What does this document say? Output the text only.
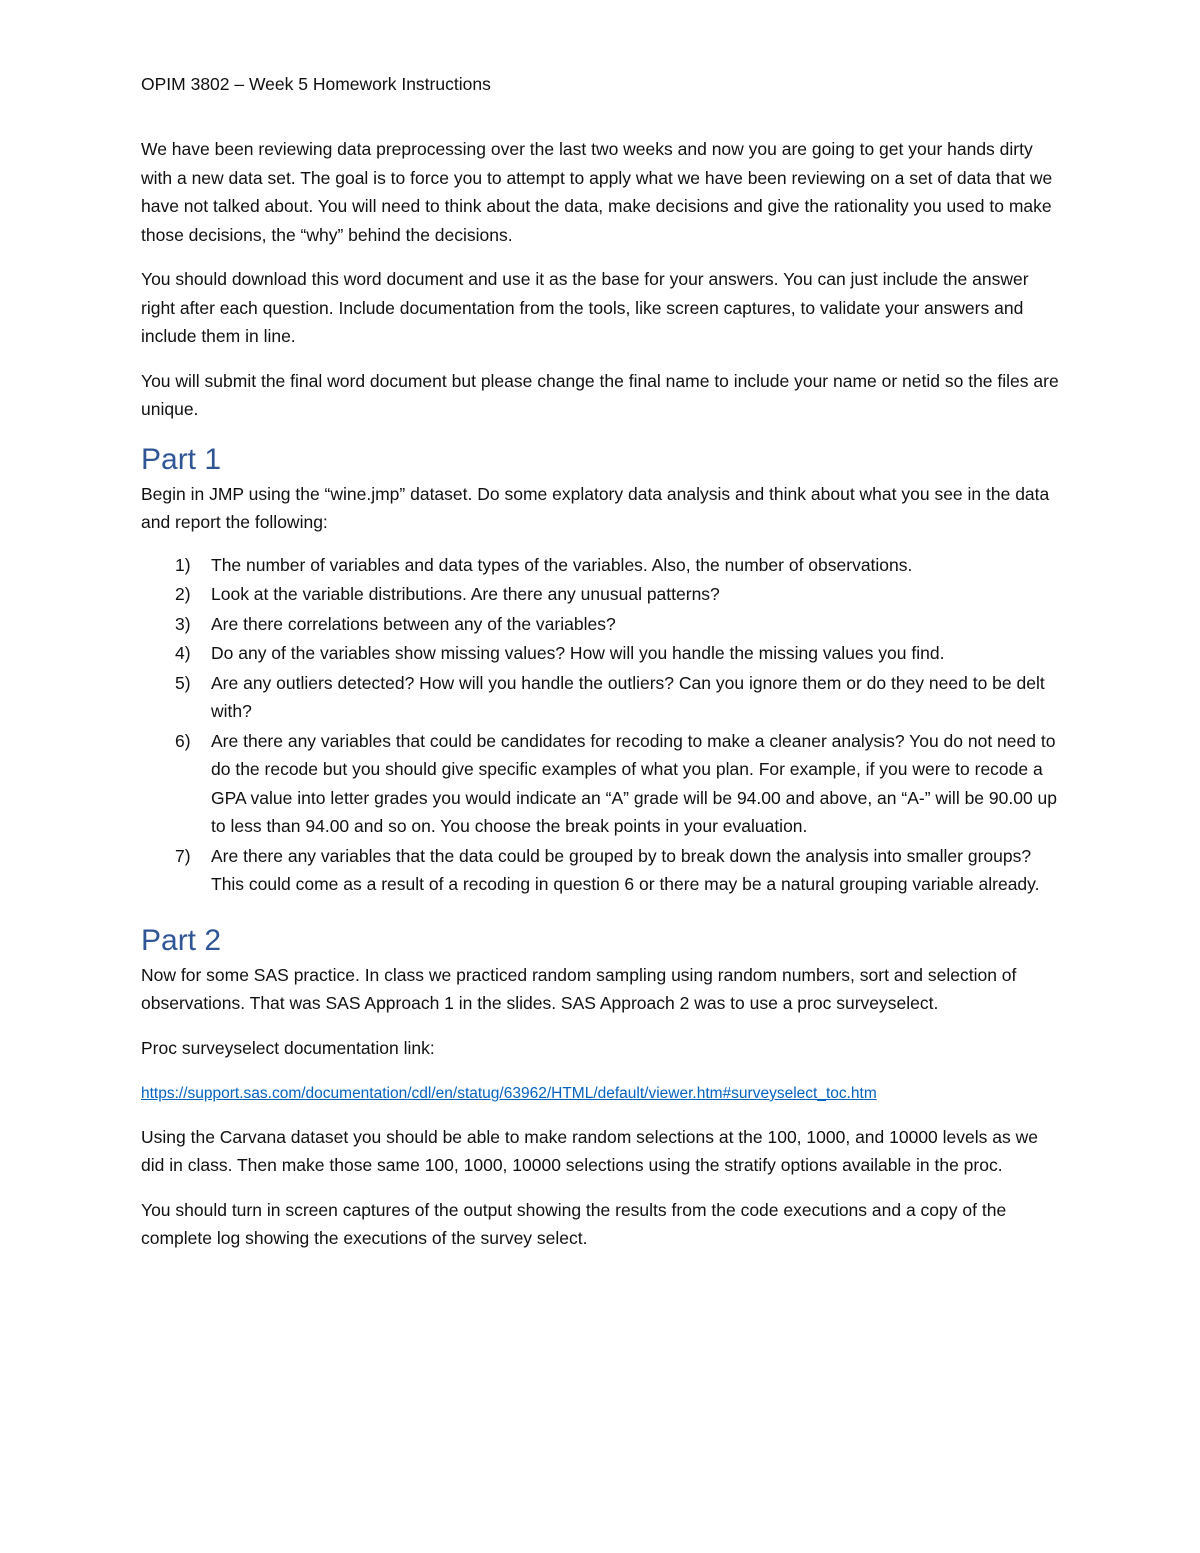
OPIM 3802 – Week 5 Homework Instructions

We have been reviewing data preprocessing over the last two weeks and now you are going to get your hands dirty with a new data set. The goal is to force you to attempt to apply what we have been reviewing on a set of data that we have not talked about. You will need to think about the data, make decisions and give the rationality you used to make those decisions, the “why” behind the decisions.

You should download this word document and use it as the base for your answers. You can just include the answer right after each question. Include documentation from the tools, like screen captures, to validate your answers and include them in line.

You will submit the final word document but please change the final name to include your name or netid so the files are unique.

Part 1

Begin in JMP using the “wine.jmp” dataset. Do some explatory data analysis and think about what you see in the data and report the following:

1) The number of variables and data types of the variables. Also, the number of observations.
2) Look at the variable distributions. Are there any unusual patterns?
3) Are there correlations between any of the variables?
4) Do any of the variables show missing values? How will you handle the missing values you find.
5) Are any outliers detected? How will you handle the outliers? Can you ignore them or do they need to be delt with?
6) Are there any variables that could be candidates for recoding to make a cleaner analysis? You do not need to do the recode but you should give specific examples of what you plan. For example, if you were to recode a GPA value into letter grades you would indicate an “A” grade will be 94.00 and above, an “A-” will be 90.00 up to less than 94.00 and so on. You choose the break points in your evaluation.
7) Are there any variables that the data could be grouped by to break down the analysis into smaller groups? This could come as a result of a recoding in question 6 or there may be a natural grouping variable already.
Part 2

Now for some SAS practice. In class we practiced random sampling using random numbers, sort and selection of observations. That was SAS Approach 1 in the slides. SAS Approach 2 was to use a proc surveyselect.

Proc surveyselect documentation link:

https://support.sas.com/documentation/cdl/en/statug/63962/HTML/default/viewer.htm#surveyselect_toc.htm

Using the Carvana dataset you should be able to make random selections at the 100, 1000, and 10000 levels as we did in class. Then make those same 100, 1000, 10000 selections using the stratify options available in the proc.

You should turn in screen captures of the output showing the results from the code executions and a copy of the complete log showing the executions of the survey select.
